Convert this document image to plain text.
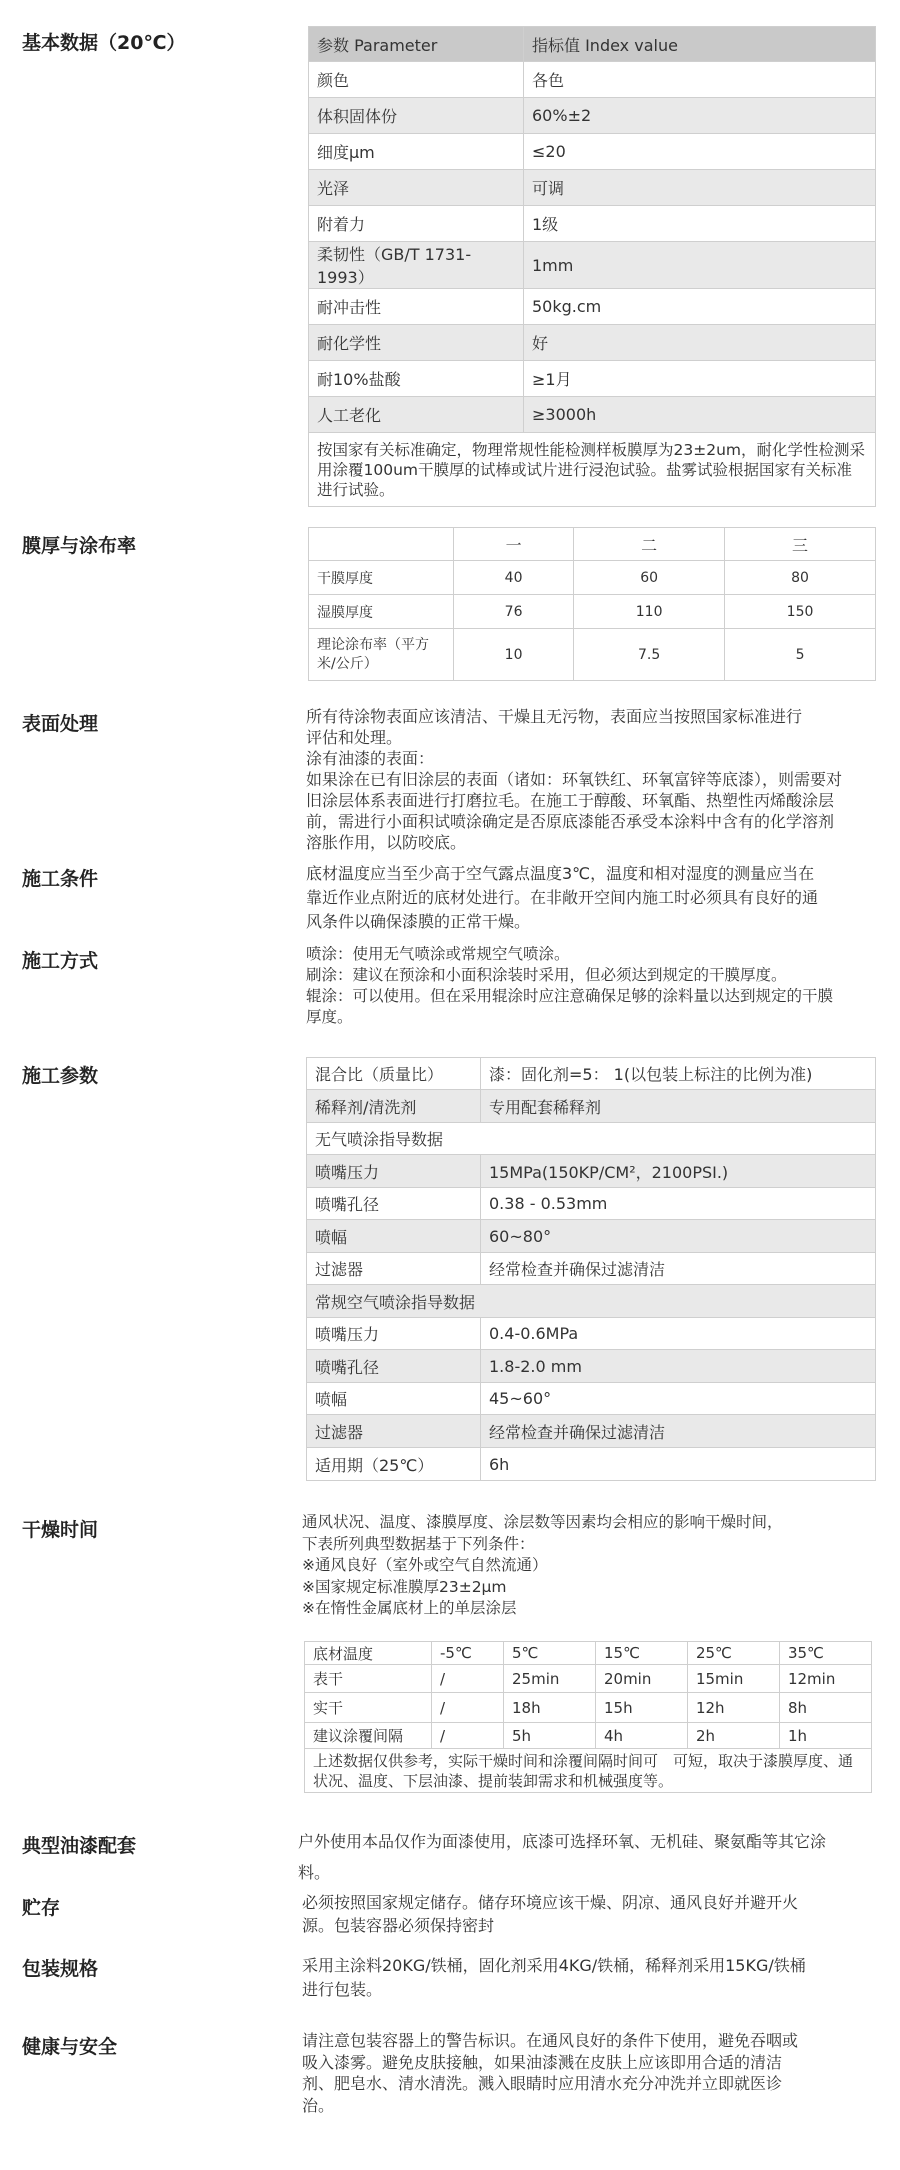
基本数据（20℃）	参数 Parameter	指标值 Index value
颜色	各色
体积固体份	60%±2
细度μm	≤20
光泽	可调
附着力	1级
柔韧性（GB/T 1731-1993）	1mm
耐冲击性	50kg.cm
耐化学性	好
耐10%盐酸	≥1月
人工老化	≥3000h
按国家有关标准确定，物理常规性能检测样板膜厚为23±2um，耐化学性检测采用涂覆100um干膜厚的试棒或试片进行浸泡试验。盐雾试验根据国家有关标准进行试验。	
膜厚与涂布率
		一	二	三
干膜厚度	40	60	80
湿膜厚度	76	110	150
理论涂布率（平方米/公斤）	10	7.5	5
表面处理	所有待涂物表面应该清洁、干燥且无污物，表面应当按照国家标准进行
评估和处理。
涂有油漆的表面：
如果涂在已有旧涂层的表面（诸如：环氧铁红、环氧富锌等底漆），则需要对
旧涂层体系表面进行打磨拉毛。在施工于醇酸、环氧酯、热塑性丙烯酸涂层
前，需进行小面积试喷涂确定是否原底漆能否承受本涂料中含有的化学溶剂
溶胀作用，以防咬底。
施工条件	底材温度应当至少高于空气露点温度3℃，温度和相对湿度的测量应当在
靠近作业点附近的底材处进行。在非敞开空间内施工时必须具有良好的通
风条件以确保漆膜的正常干燥。
施工方式	喷涂：使用无气喷涂或常规空气喷涂。
刷涂：建议在预涂和小面积涂装时采用，但必须达到规定的干膜厚度。
辊涂：可以使用。但在采用辊涂时应注意确保足够的涂料量以达到规定的干膜
厚度。
施工参数	混合比（质量比）	漆：固化剂=5： 1(以包装上标注的比例为准)
稀释剂/清洗剂	专用配套稀释剂
无气喷涂指导数据	
喷嘴压力	15MPa(150KP/CM²，2100PSI.)
喷嘴孔径	0.38 - 0.53mm
喷幅	60~80°
过滤器	经常检查并确保过滤清洁
常规空气喷涂指导数据	
喷嘴压力	0.4-0.6MPa
喷嘴孔径	1.8-2.0 mm
喷幅	45~60°
过滤器	经常检查并确保过滤清洁
适用期（25℃）	6h
干燥时间	通风状况、温度、漆膜厚度、涂层数等因素均会相应的影响干燥时间，
下表所列典型数据基于下列条件：
※通风良好（室外或空气自然流通）
※国家规定标准膜厚23±2μm
※在惰性金属底材上的单层涂层
底材温度	-5℃	5℃	15℃	25℃	35℃
表干	/	25min	20min	15min	12min
实干	/	18h	15h	12h	8h
建议涂覆间隔	/	5h	4h	2h	1h
上述数据仅供参考，实际干燥时间和涂覆间隔时间可　可短，取决于漆膜厚度、通　状况、温度、下层油漆、提前装卸需求和机械强度等。					
典型油漆配套	户外使用本品仅作为面漆使用，底漆可选择环氧、无机硅、聚氨酯等其它涂
料。
贮存	必须按照国家规定储存。储存环境应该干燥、阴凉、通风良好并避开火
源。包装容器必须保持密封
包装规格	采用主涂料20KG/铁桶，固化剂采用4KG/铁桶，稀释剂采用15KG/铁桶
进行包装。
健康与安全	请注意包装容器上的警告标识。在通风良好的条件下使用，避免吞咽或
吸入漆雾。避免皮肤接触，如果油漆溅在皮肤上应该即用合适的清洁
剂、肥皂水、清水清洗。溅入眼睛时应用清水充分冲洗并立即就医诊
治。
